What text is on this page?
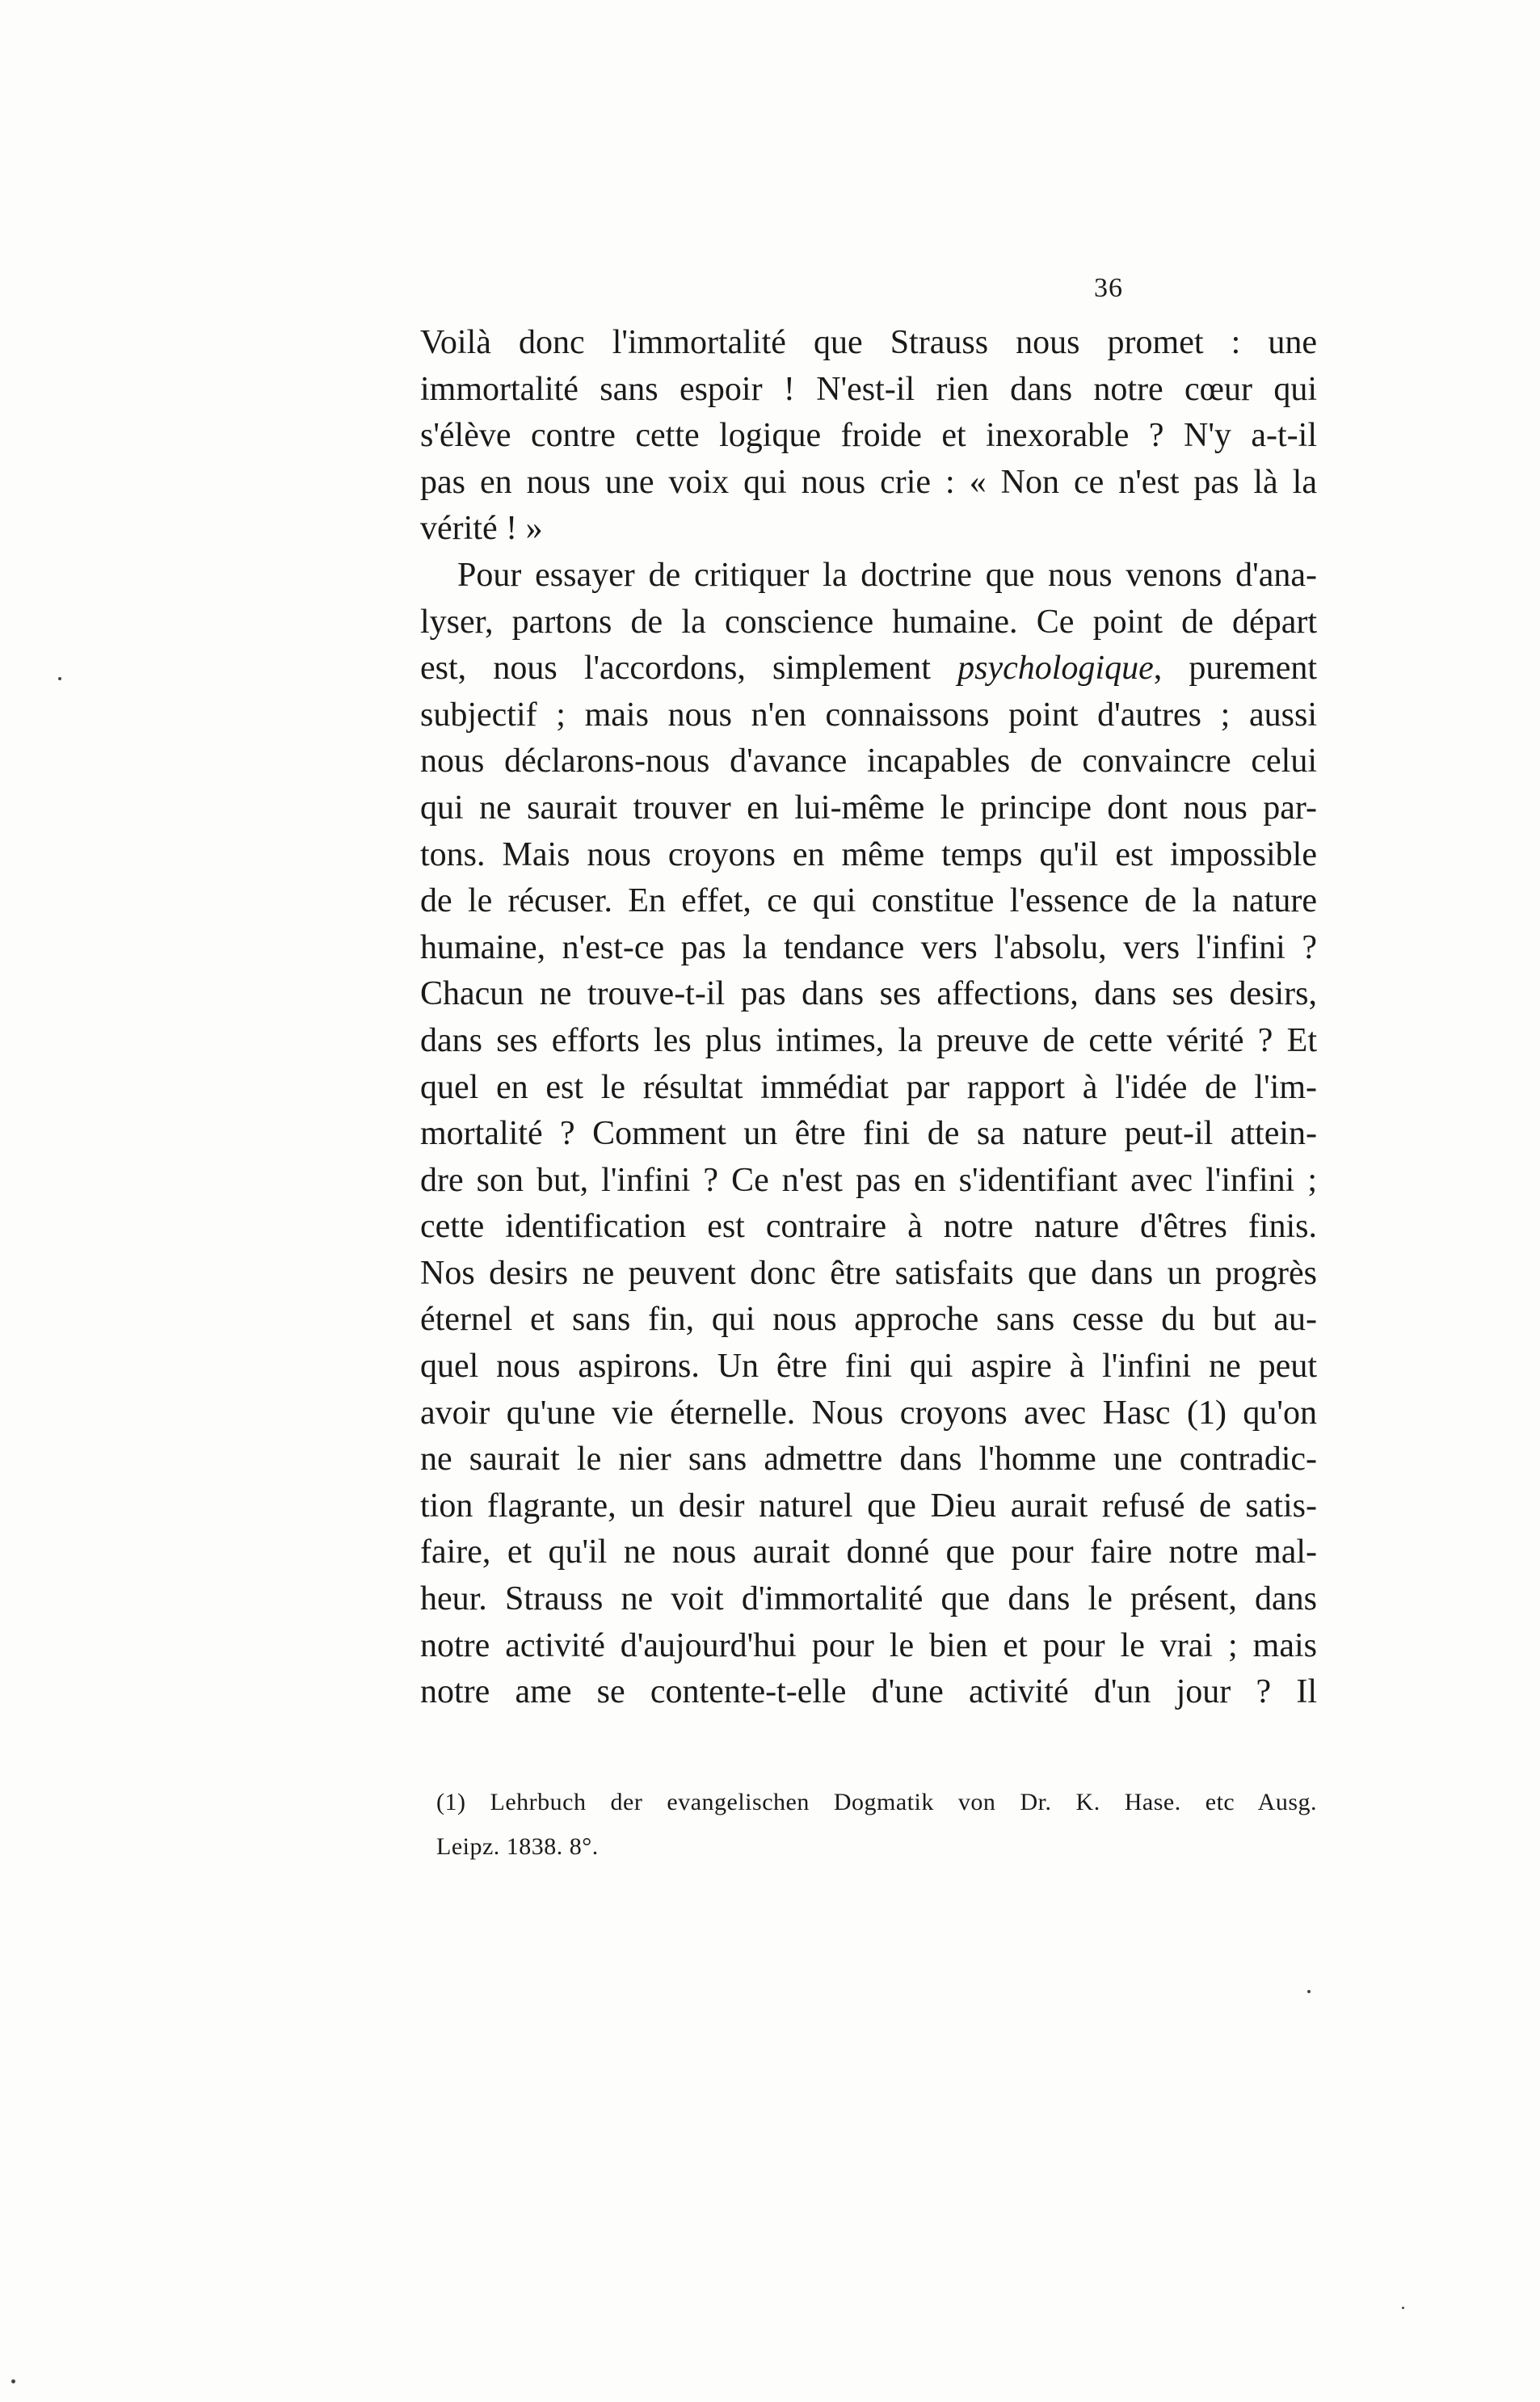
36
Voilà donc l'immortalité que Strauss nous promet : une
immortalité sans espoir ! N'est-il rien dans notre cœur qui
s'élève contre cette logique froide et inexorable ? N'y a-t-il
pas en nous une voix qui nous crie : « Non ce n'est pas là la
vérité ! »
Pour essayer de critiquer la doctrine que nous venons d'ana-
lyser, partons de la conscience humaine. Ce point de départ
est, nous l'accordons, simplement psychologique, purement
subjectif ; mais nous n'en connaissons point d'autres ; aussi
nous déclarons-nous d'avance incapables de convaincre celui
qui ne saurait trouver en lui-même le principe dont nous par-
tons. Mais nous croyons en même temps qu'il est impossible
de le récuser. En effet, ce qui constitue l'essence de la nature
humaine, n'est-ce pas la tendance vers l'absolu, vers l'infini ?
Chacun ne trouve-t-il pas dans ses affections, dans ses desirs,
dans ses efforts les plus intimes, la preuve de cette vérité ? Et
quel en est le résultat immédiat par rapport à l'idée de l'im-
mortalité ? Comment un être fini de sa nature peut-il attein-
dre son but, l'infini ? Ce n'est pas en s'identifiant avec l'infini ;
cette identification est contraire à notre nature d'êtres finis.
Nos desirs ne peuvent donc être satisfaits que dans un progrès
éternel et sans fin, qui nous approche sans cesse du but au-
quel nous aspirons. Un être fini qui aspire à l'infini ne peut
avoir qu'une vie éternelle. Nous croyons avec Hasc (1) qu'on
ne saurait le nier sans admettre dans l'homme une contradic-
tion flagrante, un desir naturel que Dieu aurait refusé de satis-
faire, et qu'il ne nous aurait donné que pour faire notre mal-
heur. Strauss ne voit d'immortalité que dans le présent, dans
notre activité d'aujourd'hui pour le bien et pour le vrai ; mais
notre ame se contente-t-elle d'une activité d'un jour ? Il
(1) Lehrbuch der evangelischen Dogmatik von Dr. K. Hase. etc Ausg.
Leipz. 1838. 8°.
